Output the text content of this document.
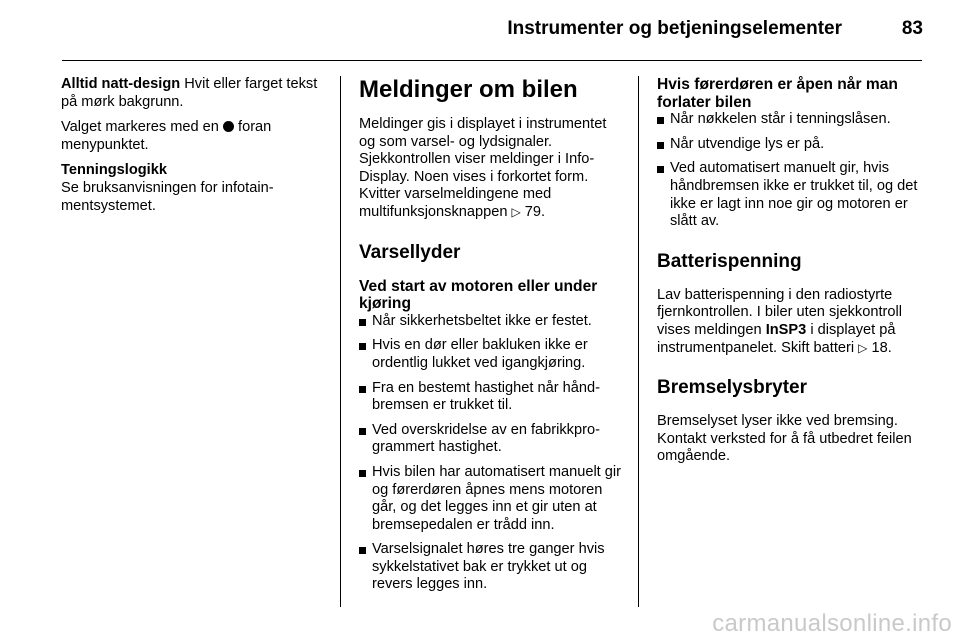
Instrumenter og betjeningselementer	83

Alltid natt-design Hvit eller farget tekst på mørk bakgrunn.

Valget markeres med en  foran menypunktet.

Tenningslogikk

Se bruksanvisningen for infotainmentsystemet.

Meldinger om bilen

Meldinger gis i displayet i instrumentet og som varsel- og lydsignaler. Sjekkontrollen viser meldinger i Info-Display. Noen vises i forkortet form. Kvitter varselmeldingene med multifunksjonsknappen ▷ 79.

Varsellyder
Ved start av motoren eller under kjøring
Når sikkerhetsbeltet ikke er festet.
Hvis en dør eller bakluken ikke er ordentlig lukket ved igangkjøring.
Fra en bestemt hastighet når håndbremsen er trukket til.
Ved overskridelse av en fabrikkprogrammert hastighet.
Hvis bilen har automatisert manuelt gir og førerdøren åpnes mens motoren går, og det legges inn et gir uten at bremsepedalen er trådd inn.
Varselsignalet høres tre ganger hvis sykkelstativet bak er trykket ut og revers legges inn.
Hvis førerdøren er åpen når man forlater bilen
Når nøkkelen står i tenningslåsen.
Når utvendige lys er på.
Ved automatisert manuelt gir, hvis håndbremsen ikke er trukket til, og det ikke er lagt inn noe gir og motoren er slått av.
Batterispenning

Lav batterispenning i den radiostyrte fjernkontrollen. I biler uten sjekkontroll vises meldingen InSP3 i displayet på instrumentpanelet. Skift batteri ▷ 18.

Bremselysbryter

Bremselyset lyser ikke ved bremsing. Kontakt verksted for å få utbedret feilen omgående.

carmanualsonline.info
